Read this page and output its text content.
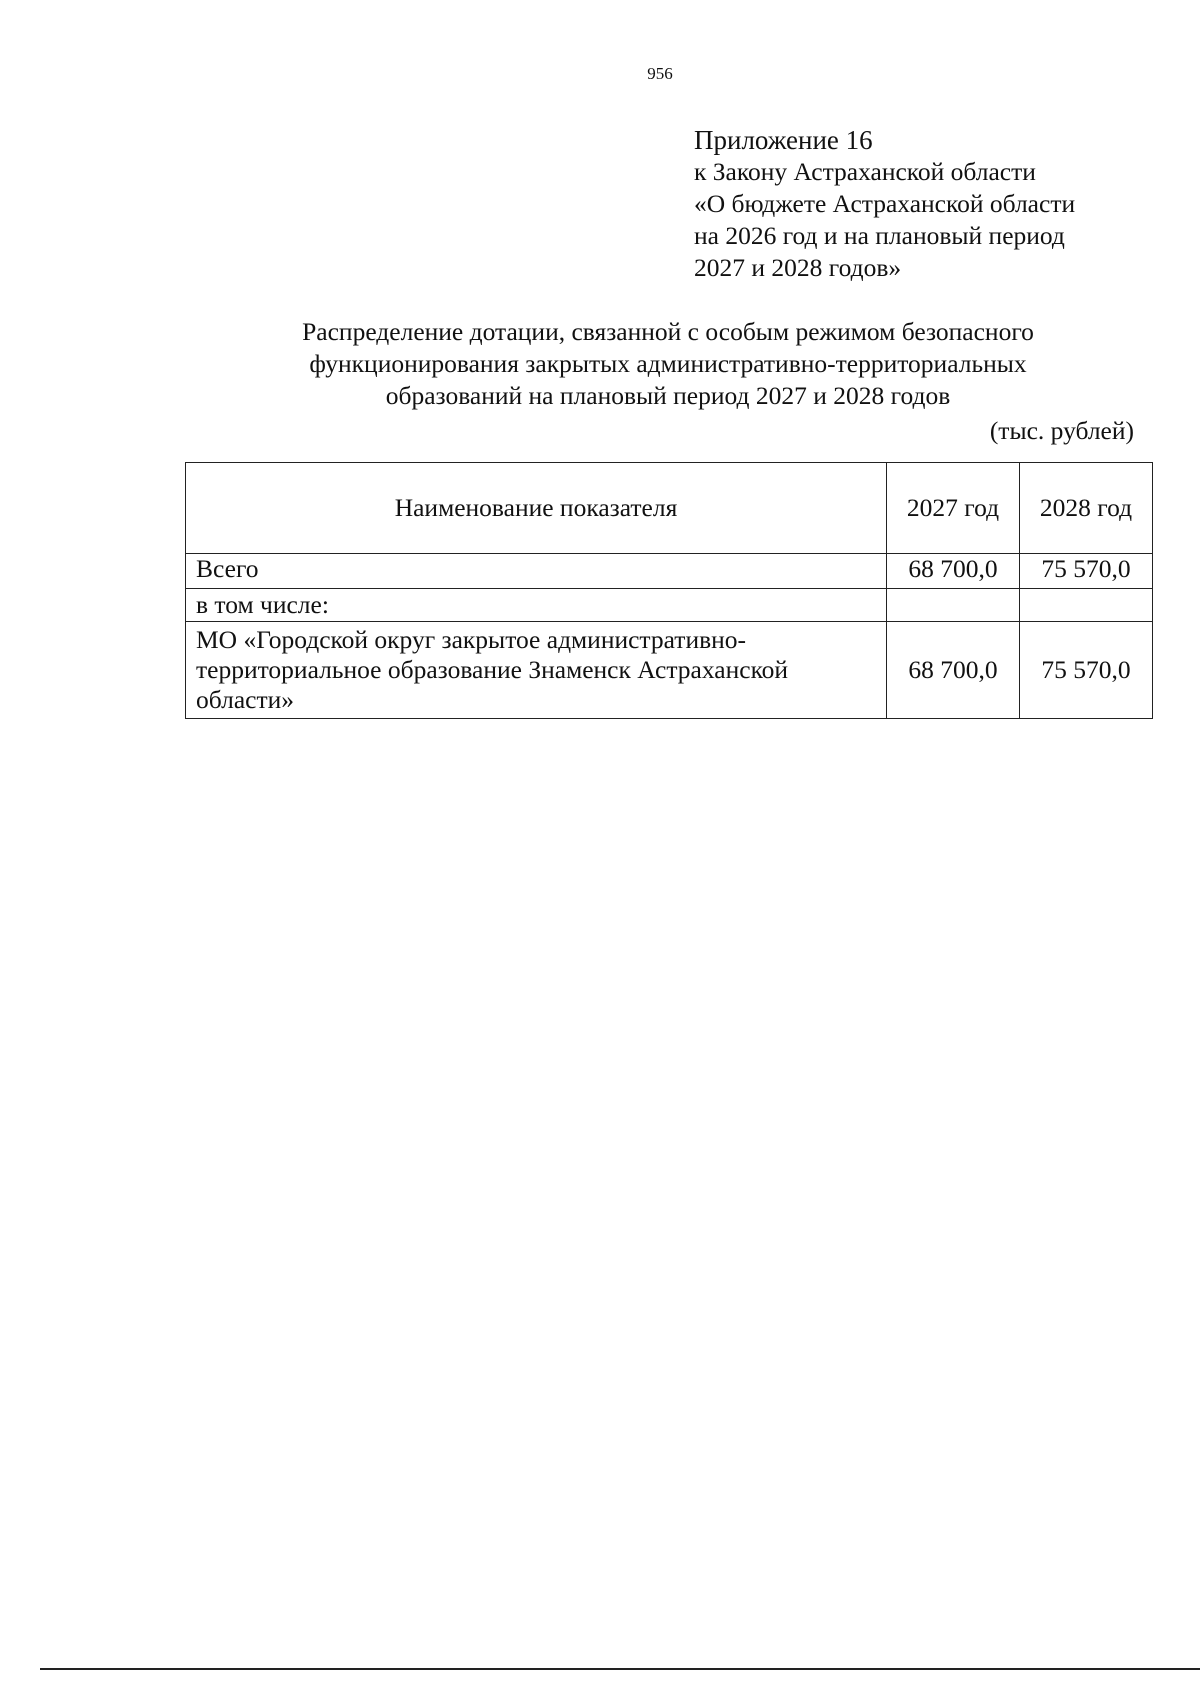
956
Приложение 16
к Закону Астраханской области
«О бюджете Астраханской области
на 2026 год и на плановый период
2027 и 2028 годов»
Распределение дотации, связанной с особым режимом безопасного
функционирования закрытых административно-территориальных
образований на плановый период 2027 и 2028 годов
(тыс. рублей)
Наименование показателя	2027 год	2028 год
Всего	68 700,0	75 570,0
в том числе:		
МО «Городской округ закрытое административно-территориальное образование Знаменск Астраханской области»	68 700,0	75 570,0
